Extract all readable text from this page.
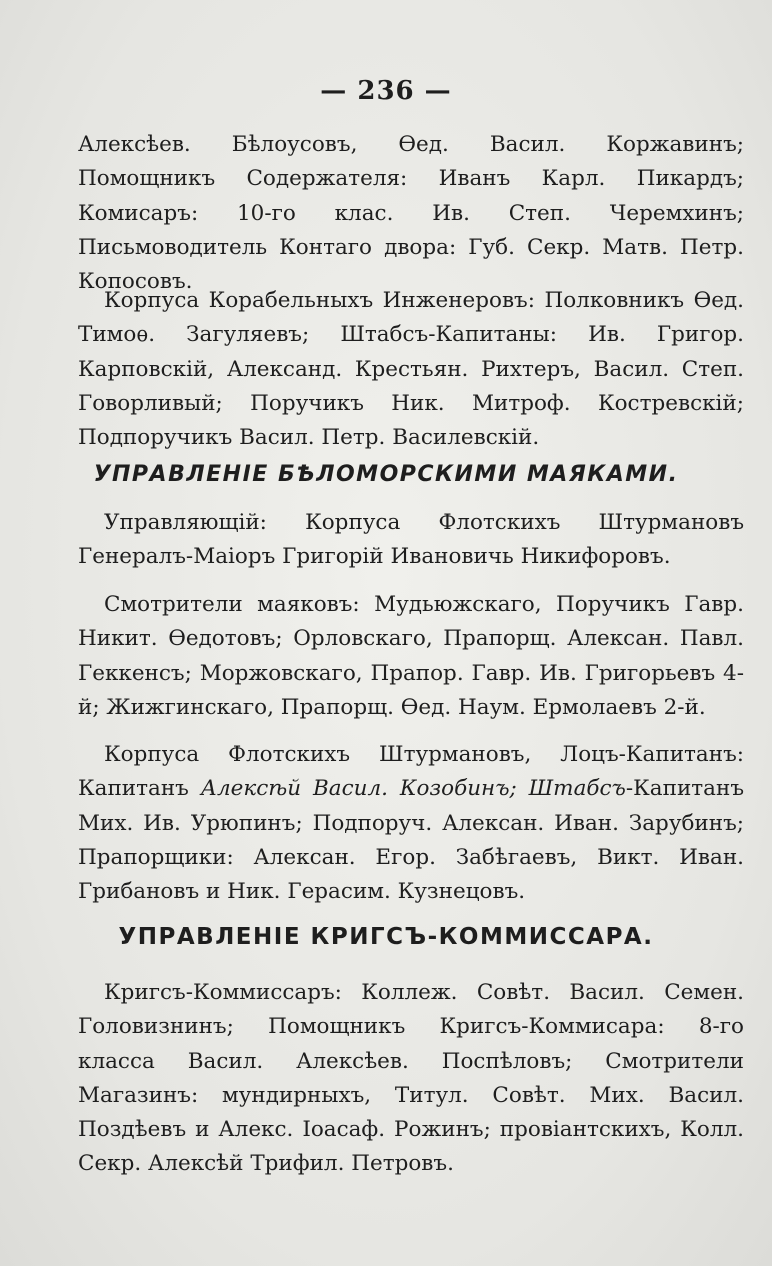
— 236 —

Алексѣев. Бѣлоусовъ, Ѳед. Васил. Коржавинъ; Помощникъ Содержателя: Иванъ Карл. Пикардъ; Комисаръ: 10-го клас. Ив. Степ. Черемхинъ; Письмоводитель Контаго двора: Губ. Секр. Матв. Петр. Копосовъ.

Корпуса Корабельныхъ Инженеровъ: Полковникъ Ѳед. Тимоѳ. Загуляевъ; Штабсъ-Капитаны: Ив. Григор. Карповскій, Александ. Крестьян. Рихтеръ, Васил. Степ. Говорливый; Поручикъ Ник. Митроф. Костревскій; Подпоручикъ Васил. Петр. Василевскій.

УПРАВЛЕНІЕ БѢЛОМОРСКИМИ МАЯКАМИ.

Управляющій: Корпуса Флотскихъ Штурмановъ Генералъ-Маіоръ Григорій Ивановичь Никифоровъ.

Смотрители маяковъ: Мудьюжскаго, Поручикъ Гавр. Никит. Ѳедотовъ; Орловскаго, Прапорщ. Алексан. Павл. Геккенсъ; Моржовскаго, Прапор. Гавр. Ив. Григорьевъ 4-й; Жижгинскаго, Прапорщ. Ѳед. Наум. Ермолаевъ 2-й.

Корпуса Флотскихъ Штурмановъ, Лоцъ-Капитанъ: Капитанъ Алексѣй Васил. Козобинъ; Штабсъ-Капитанъ Мих. Ив. Урюпинъ; Подпоруч. Алексан. Иван. Зарубинъ; Прапорщики: Алексан. Егор. Забѣгаевъ, Викт. Иван. Грибановъ и Ник. Герасим. Кузнецовъ.

УПРАВЛЕНІЕ КРИГСЪ-КОММИССАРА.

Кригсъ-Коммиссаръ: Коллеж. Совѣт. Васил. Семен. Головизнинъ; Помощникъ Кригсъ-Коммисара: 8-го класса Васил. Алексѣев. Поспѣловъ; Смотрители Магазинъ: мундирныхъ, Титул. Совѣт. Мих. Васил. Поздѣевъ и Алекс. Іоасаф. Рожинъ; провіантскихъ, Колл. Секр. Алексѣй Трифил. Петровъ.
